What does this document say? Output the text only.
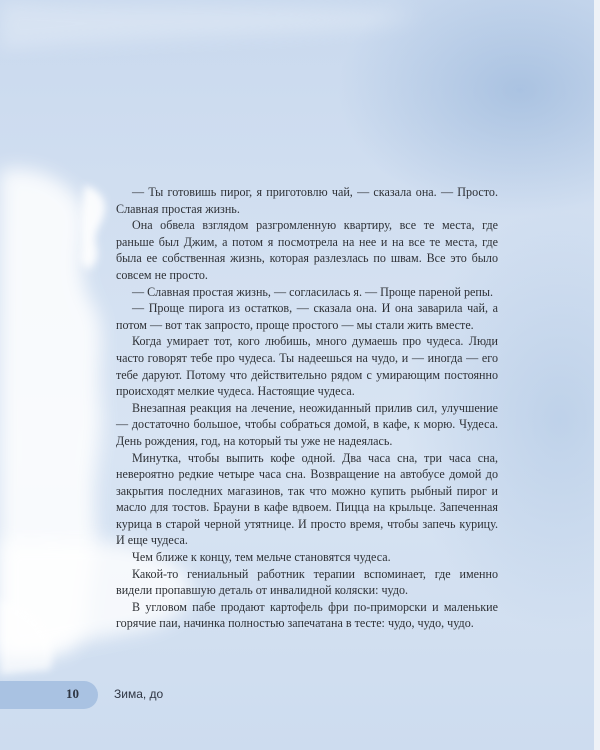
— Ты готовишь пирог, я приготовлю чай, — сказала она. — Просто. Славная простая жизнь.

Она обвела взглядом разгромленную квартиру, все те места, где раньше был Джим, а потом я посмотрела на нее и на все те места, где была ее собственная жизнь, которая разлезлась по швам. Все это было совсем не просто.

— Славная простая жизнь, — согласилась я. — Проще пареной репы.

— Проще пирога из остатков, — сказала она. И она заварила чай, а потом — вот так запросто, проще простого — мы стали жить вместе.

Когда умирает тот, кого любишь, много думаешь про чудеса. Люди часто говорят тебе про чудеса. Ты надеешься на чудо, и — иногда — его тебе даруют. Потому что действительно рядом с умирающим постоянно происходят мелкие чудеса. Настоящие чудеса.

Внезапная реакция на лечение, неожиданный прилив сил, улучшение — достаточно большое, чтобы собраться домой, в кафе, к морю. Чудеса. День рождения, год, на который ты уже не надеялась.

Минутка, чтобы выпить кофе одной. Два часа сна, три часа сна, невероятно редкие четыре часа сна. Возвращение на автобусе домой до закрытия последних магазинов, так что можно купить рыбный пирог и масло для тостов. Брауни в кафе вдвоем. Пицца на крыльце. Запеченная курица в старой черной утятнице. И просто время, чтобы запечь курицу. И еще чудеса.

Чем ближе к концу, тем мельче становятся чудеса.

Какой-то гениальный работник терапии вспоминает, где именно видели пропавшую деталь от инвалидной коляски: чудо.

В угловом пабе продают картофель фри по-приморски и маленькие горячие паи, начинка полностью запечатана в тесте: чудо, чудо, чудо.

10	Зима, до
